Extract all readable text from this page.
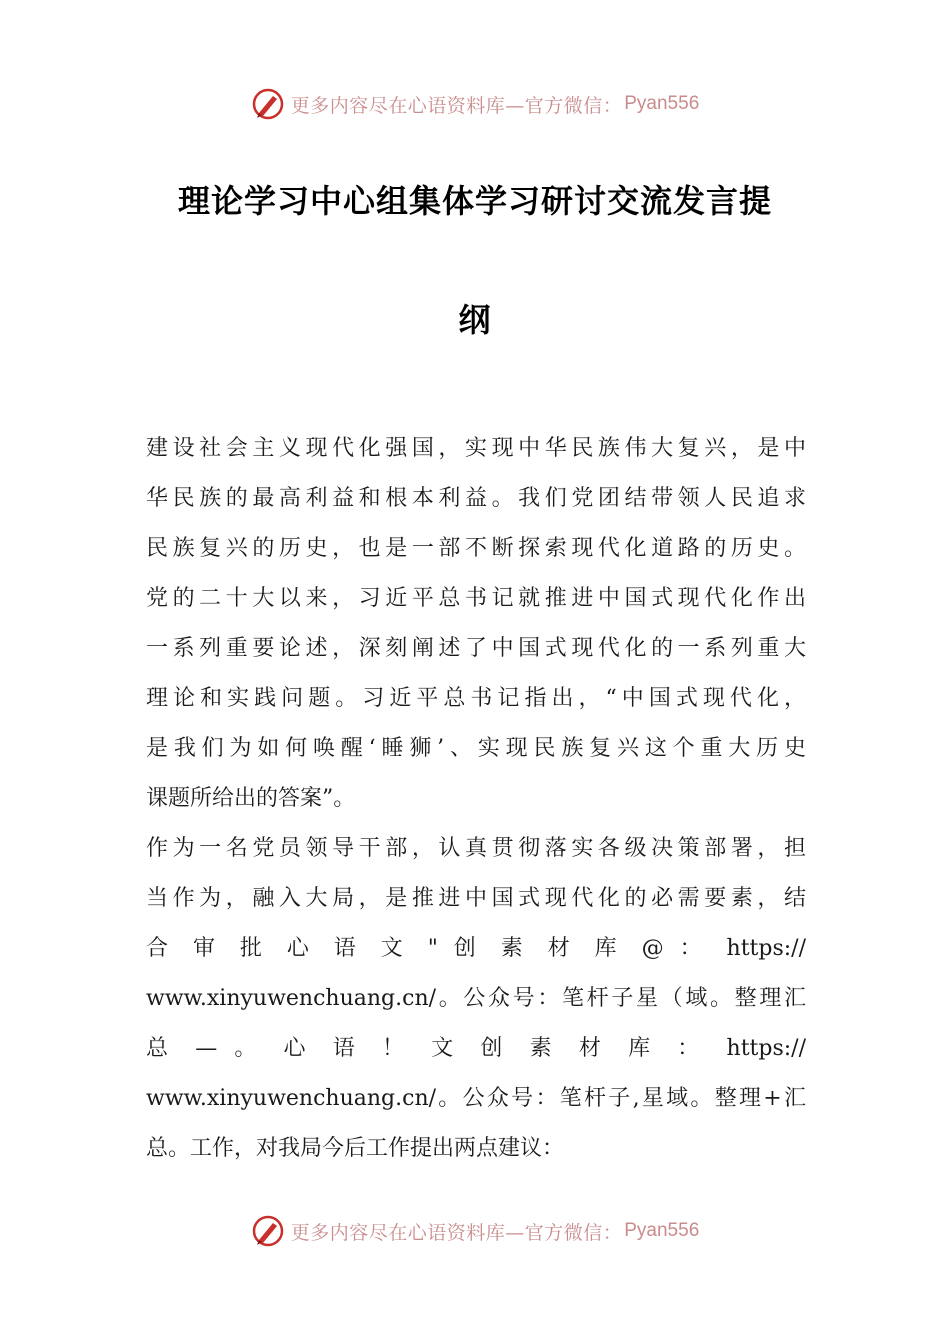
更多内容尽在心语资料库—官方微信： Pyan556
理论学习中心组集体学习研讨交流发言提
纲
建设社会主义现代化强国，实现中华民族伟大复兴，是中
华民族的最高利益和根本利益。我们党团结带领人民追求
民族复兴的历史，也是一部不断探索现代化道路的历史。
党的二十大以来，习近平总书记就推进中国式现代化作出
一系列重要论述，深刻阐述了中国式现代化的一系列重大
理论和实践问题。习近平总书记指出，“中国式现代化，
是我们为如何唤醒‘睡狮’、实现民族复兴这个重大历史
课题所给出的答案”。
作为一名党员领导干部，认真贯彻落实各级决策部署，担
当作为，融入大局，是推进中国式现代化的必需要素，结
合 审 批 心 语 文 " 创 素 材 库 @ ： https://
www.xinyuwenchuang.cn/。公众号：笔杆子星（域。整理汇
总 — 。 心 语 ！ 文 创 素 材 库 ： https://
www.xinyuwenchuang.cn/。公众号：笔杆子,星域。整理+汇
总。工作，对我局今后工作提出两点建议：
更多内容尽在心语资料库—官方微信： Pyan556
